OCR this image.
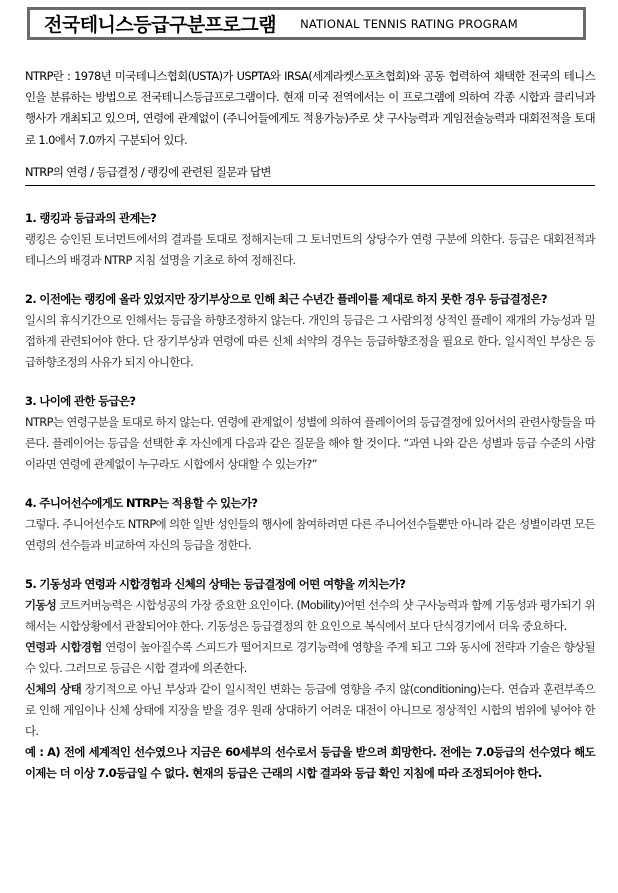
전국테니스등급구분프로그램 NATIONAL TENNIS RATING PROGRAM

NTRP란 : 1978년 미국테니스협회(USTA)가 USPTA와 IRSA(세계라켓스포츠협회)와 공동 협력하여 채택한 전국의 테니스 인을 분류하는 방법으로 전국테니스등급프로그램이다. 현재 미국 전역에서는 이 프로그램에 의하여 각종 시합과 클리닉과 행사가 개최되고 있으며, 연령에 관계없이 (주니어들에게도 적용가능)주로 샷 구사능력과 게임전술능력과 대회전적을 토대로 1.0에서 7.0까지 구분되어 있다.

NTRP의 연령 / 등급결정 / 랭킹에 관련된 질문과 답변
1. 랭킹과 등급과의 관계는?

랭킹은 승인된 토너먼트에서의 결과를 토대로 정해지는데 그 토너먼트의 상당수가 연령 구분에 의한다. 등급은 대회전적과 테니스의 배경과 NTRP 지침 설명을 기초로 하여 정해진다.

2. 이전에는 랭킹에 올라 있었지만 장기부상으로 인해 최근 수년간 플레이를 제대로 하지 못한 경우 등급결정은?

일시의 휴식기간으로 인해서는 등급을 하향조정하지 않는다. 개인의 등급은 그 사람의정 상적인 플레이 재개의 가능성과 밀접하게 관련되어야 한다. 단 장기부상과 연령에 따른 신체 쇠약의 경우는 등급하향조정을 필요로 한다. 일시적인 부상은 등급하향조정의 사유가 되지 아니한다.

3. 나이에 관한 등급은?

NTRP는 연령구분을 토대로 하지 않는다. 연령에 관계없이 성별에 의하여 플레이어의 등급결정에 있어서의 관련사항들을 따른다. 플레이어는 등급을 선택한 후 자신에게 다음과 같은 질문을 해야 할 것이다. “과연 나와 같은 성별과 등급 수준의 사람이라면 연령에 관계없이 누구라도 시합에서 상대할 수 있는가?”

4. 주니어선수에게도 NTRP는 적용할 수 있는가?

그렇다. 주니어선수도 NTRP에 의한 일반 성인들의 행사에 참여하려면 다른 주니어선수들뿐만 아니라 같은 성별이라면 모든 연령의 선수들과 비교하여 자신의 등급을 정한다.

5. 기동성과 연령과 시합경험과 신체의 상태는 등급결정에 어떤 여향을 끼치는가?

기동성 코트커버능력은 시합성공의 가장 중요한 요인이다. (Mobility)어떤 선수의 샷 구사능력과 함께 기동성과 평가되기 위해서는 시합상황에서 관찰되어야 한다. 기동성은 등급결정의 한 요인으로 복식에서 보다 단식경기에서 더욱 중요하다.

연령과 시합경험 연령이 높아질수록 스피드가 떨어지므로 경기능력에 영향을 주게 되고 그와 동시에 전략과 기술은 향상될 수 있다. 그러므로 등급은 시합 결과에 의존한다.

신체의 상태 장기적으로 아닌 부상과 같이 일시적인 변화는 등급에 영향을 주지 않(conditioning)는다. 연습과 훈련부족으로 인해 게임이나 신체 상태에 지장을 받을 경우 원래 상대하기 어려운 대전이 아니므로 정상적인 시합의 범위에 넣어야 한다.

예 : A) 전에 세계적인 선수였으나 지금은 60세부의 선수로서 등급을 받으려 희망한다. 전에는 7.0등급의 선수였다 해도 이제는 더 이상 7.0등급일 수 없다. 현재의 등급은 근래의 시합 결과와 등급 확인 지침에 따라 조정되어야 한다.
